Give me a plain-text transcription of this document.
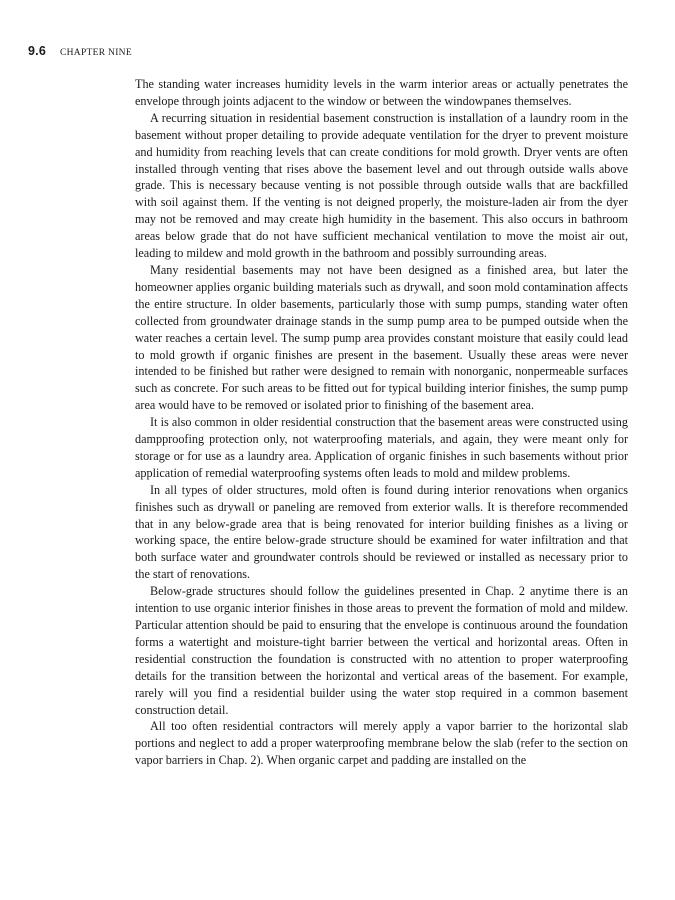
9.6 CHAPTER NINE

The standing water increases humidity levels in the warm interior areas or actually penetrates the envelope through joints adjacent to the window or between the windowpanes themselves.

A recurring situation in residential basement construction is installation of a laundry room in the basement without proper detailing to provide adequate ventilation for the dryer to prevent moisture and humidity from reaching levels that can create conditions for mold growth. Dryer vents are often installed through venting that rises above the basement level and out through outside walls above grade. This is necessary because venting is not possible through outside walls that are backfilled with soil against them. If the venting is not deigned properly, the moisture-laden air from the dyer may not be removed and may create high humidity in the basement. This also occurs in bathroom areas below grade that do not have sufficient mechanical ventilation to move the moist air out, leading to mildew and mold growth in the bathroom and possibly surrounding areas.

Many residential basements may not have been designed as a finished area, but later the homeowner applies organic building materials such as drywall, and soon mold contamination affects the entire structure. In older basements, particularly those with sump pumps, standing water often collected from groundwater drainage stands in the sump pump area to be pumped outside when the water reaches a certain level. The sump pump area provides constant moisture that easily could lead to mold growth if organic finishes are present in the basement. Usually these areas were never intended to be finished but rather were designed to remain with nonorganic, nonpermeable surfaces such as concrete. For such areas to be fitted out for typical building interior finishes, the sump pump area would have to be removed or isolated prior to finishing of the basement area.

It is also common in older residential construction that the basement areas were constructed using dampproofing protection only, not waterproofing materials, and again, they were meant only for storage or for use as a laundry area. Application of organic finishes in such basements without prior application of remedial waterproofing systems often leads to mold and mildew problems.

In all types of older structures, mold often is found during interior renovations when organics finishes such as drywall or paneling are removed from exterior walls. It is therefore recommended that in any below-grade area that is being renovated for interior building finishes as a living or working space, the entire below-grade structure should be examined for water infiltration and that both surface water and groundwater controls should be reviewed or installed as necessary prior to the start of renovations.

Below-grade structures should follow the guidelines presented in Chap. 2 anytime there is an intention to use organic interior finishes in those areas to prevent the formation of mold and mildew. Particular attention should be paid to ensuring that the envelope is continuous around the foundation forms a watertight and moisture-tight barrier between the vertical and horizontal areas. Often in residential construction the foundation is constructed with no attention to proper waterproofing details for the transition between the horizontal and vertical areas of the basement. For example, rarely will you find a residential builder using the water stop required in a common basement construction detail.

All too often residential contractors will merely apply a vapor barrier to the horizontal slab portions and neglect to add a proper waterproofing membrane below the slab (refer to the section on vapor barriers in Chap. 2). When organic carpet and padding are installed on the
